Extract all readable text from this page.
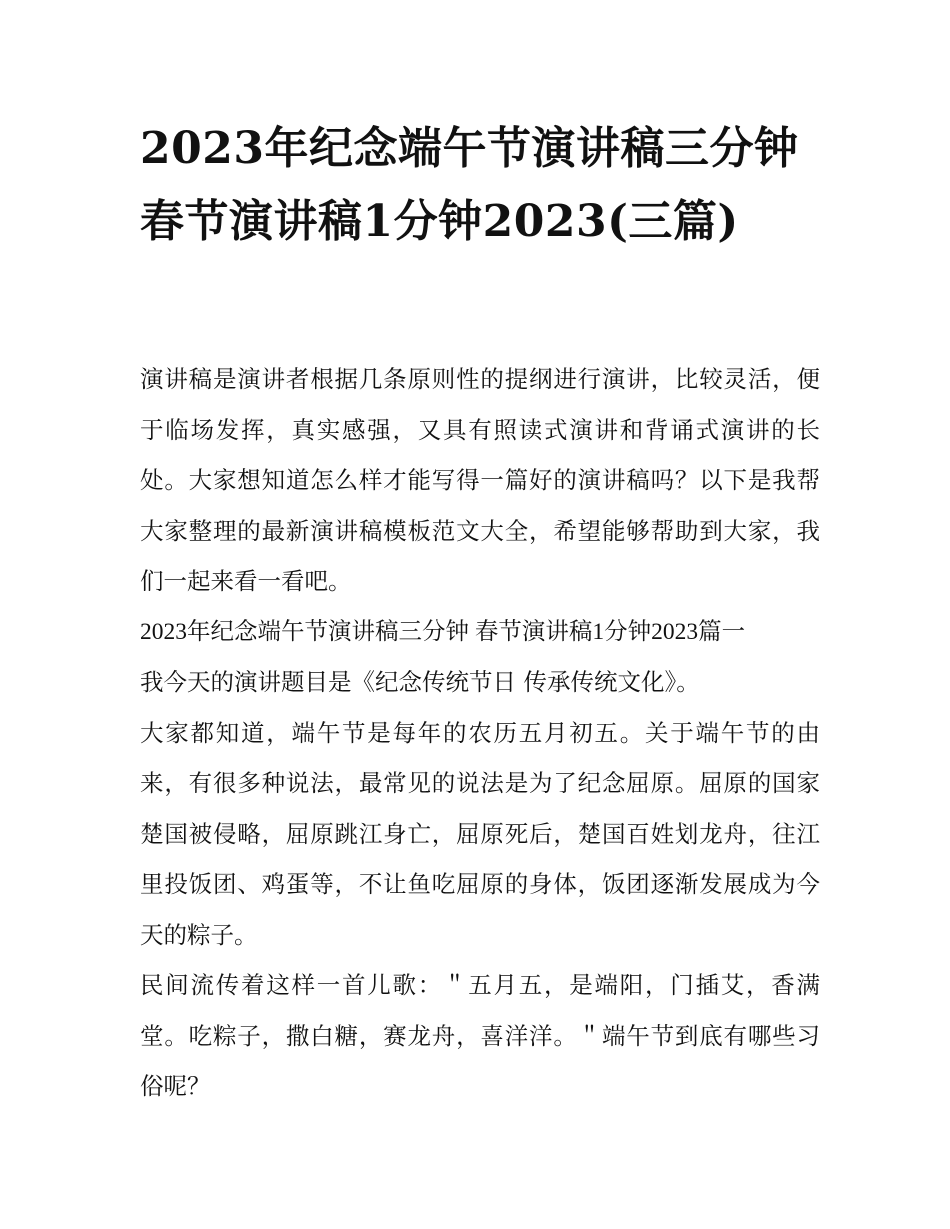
2023年纪念端午节演讲稿三分钟 春节演讲稿1分钟2023(三篇)

演讲稿是演讲者根据几条原则性的提纲进行演讲，比较灵活，便于临场发挥，真实感强，又具有照读式演讲和背诵式演讲的长处。大家想知道怎么样才能写得一篇好的演讲稿吗？以下是我帮大家整理的最新演讲稿模板范文大全，希望能够帮助到大家，我们一起来看一看吧。

2023年纪念端午节演讲稿三分钟 春节演讲稿1分钟2023篇一

我今天的演讲题目是《纪念传统节日 传承传统文化》。

大家都知道，端午节是每年的农历五月初五。关于端午节的由来，有很多种说法，最常见的说法是为了纪念屈原。屈原的国家楚国被侵略，屈原跳江身亡，屈原死后，楚国百姓划龙舟，往江里投饭团、鸡蛋等，不让鱼吃屈原的身体，饭团逐渐发展成为今天的粽子。

民间流传着这样一首儿歌：＂五月五，是端阳，门插艾，香满堂。吃粽子，撒白糖，赛龙舟，喜洋洋。＂端午节到底有哪些习俗呢？
